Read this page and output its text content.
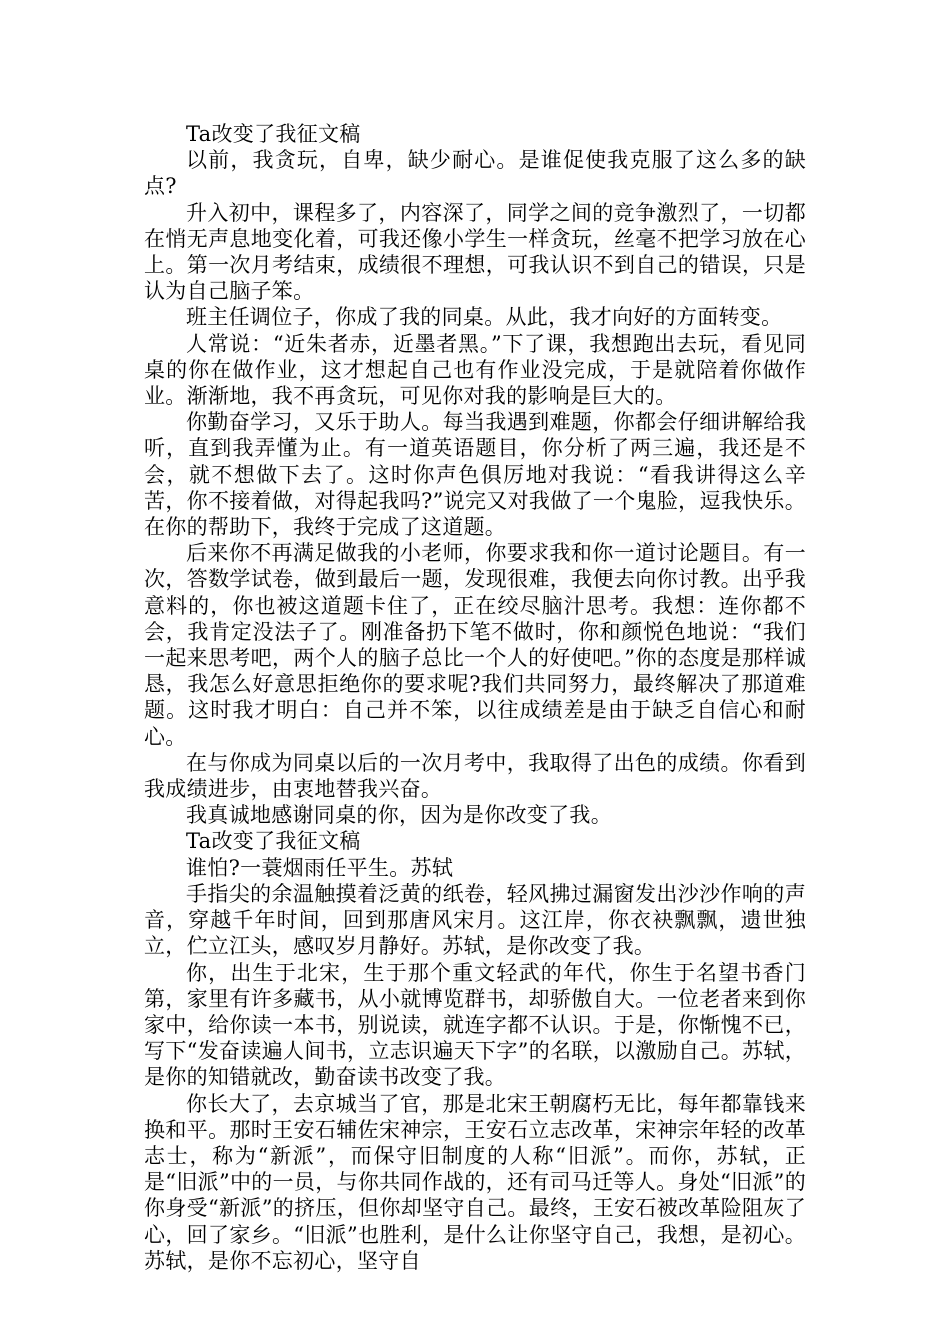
Ta改变了我征文稿

以前，我贪玩，自卑，缺少耐心。是谁促使我克服了这么多的缺点?

升入初中，课程多了，内容深了，同学之间的竞争激烈了，一切都在悄无声息地变化着，可我还像小学生一样贪玩，丝毫不把学习放在心上。第一次月考结束，成绩很不理想，可我认识不到自己的错误，只是认为自己脑子笨。

班主任调位子，你成了我的同桌。从此，我才向好的方面转变。

人常说：“近朱者赤，近墨者黑。”下了课，我想跑出去玩，看见同桌的你在做作业，这才想起自己也有作业没完成，于是就陪着你做作业。渐渐地，我不再贪玩，可见你对我的影响是巨大的。

你勤奋学习，又乐于助人。每当我遇到难题，你都会仔细讲解给我听，直到我弄懂为止。有一道英语题目，你分析了两三遍，我还是不会，就不想做下去了。这时你声色俱厉地对我说：“看我讲得这么辛苦，你不接着做，对得起我吗?”说完又对我做了一个鬼脸，逗我快乐。在你的帮助下，我终于完成了这道题。

后来你不再满足做我的小老师，你要求我和你一道讨论题目。有一次，答数学试卷，做到最后一题，发现很难，我便去向你讨教。出乎我意料的，你也被这道题卡住了，正在绞尽脑汁思考。我想：连你都不会，我肯定没法子了。刚准备扔下笔不做时，你和颜悦色地说：“我们一起来思考吧，两个人的脑子总比一个人的好使吧。”你的态度是那样诚恳，我怎么好意思拒绝你的要求呢?我们共同努力，最终解决了那道难题。这时我才明白：自己并不笨，以往成绩差是由于缺乏自信心和耐心。

在与你成为同桌以后的一次月考中，我取得了出色的成绩。你看到我成绩进步，由衷地替我兴奋。

我真诚地感谢同桌的你，因为是你改变了我。

Ta改变了我征文稿

谁怕?一蓑烟雨任平生。苏轼

手指尖的余温触摸着泛黄的纸卷，轻风拂过漏窗发出沙沙作响的声音，穿越千年时间，回到那唐风宋月。这江岸，你衣袂飘飘，遗世独立，伫立江头，感叹岁月静好。苏轼，是你改变了我。

你，出生于北宋，生于那个重文轻武的年代，你生于名望书香门第，家里有许多藏书，从小就博览群书，却骄傲自大。一位老者来到你家中，给你读一本书，别说读，就连字都不认识。于是，你惭愧不已，写下“发奋读遍人间书，立志识遍天下字”的名联，以激励自己。苏轼，是你的知错就改，勤奋读书改变了我。

你长大了，去京城当了官，那是北宋王朝腐朽无比，每年都靠钱来换和平。那时王安石辅佐宋神宗，王安石立志改革，宋神宗年轻的改革志士，称为“新派”，而保守旧制度的人称“旧派”。而你，苏轼，正是“旧派”中的一员，与你共同作战的，还有司马迁等人。身处“旧派”的你身受“新派”的挤压，但你却坚守自己。最终，王安石被改革险阻灰了心，回了家乡。“旧派”也胜利，是什么让你坚守自己，我想，是初心。苏轼，是你不忘初心，坚守自
